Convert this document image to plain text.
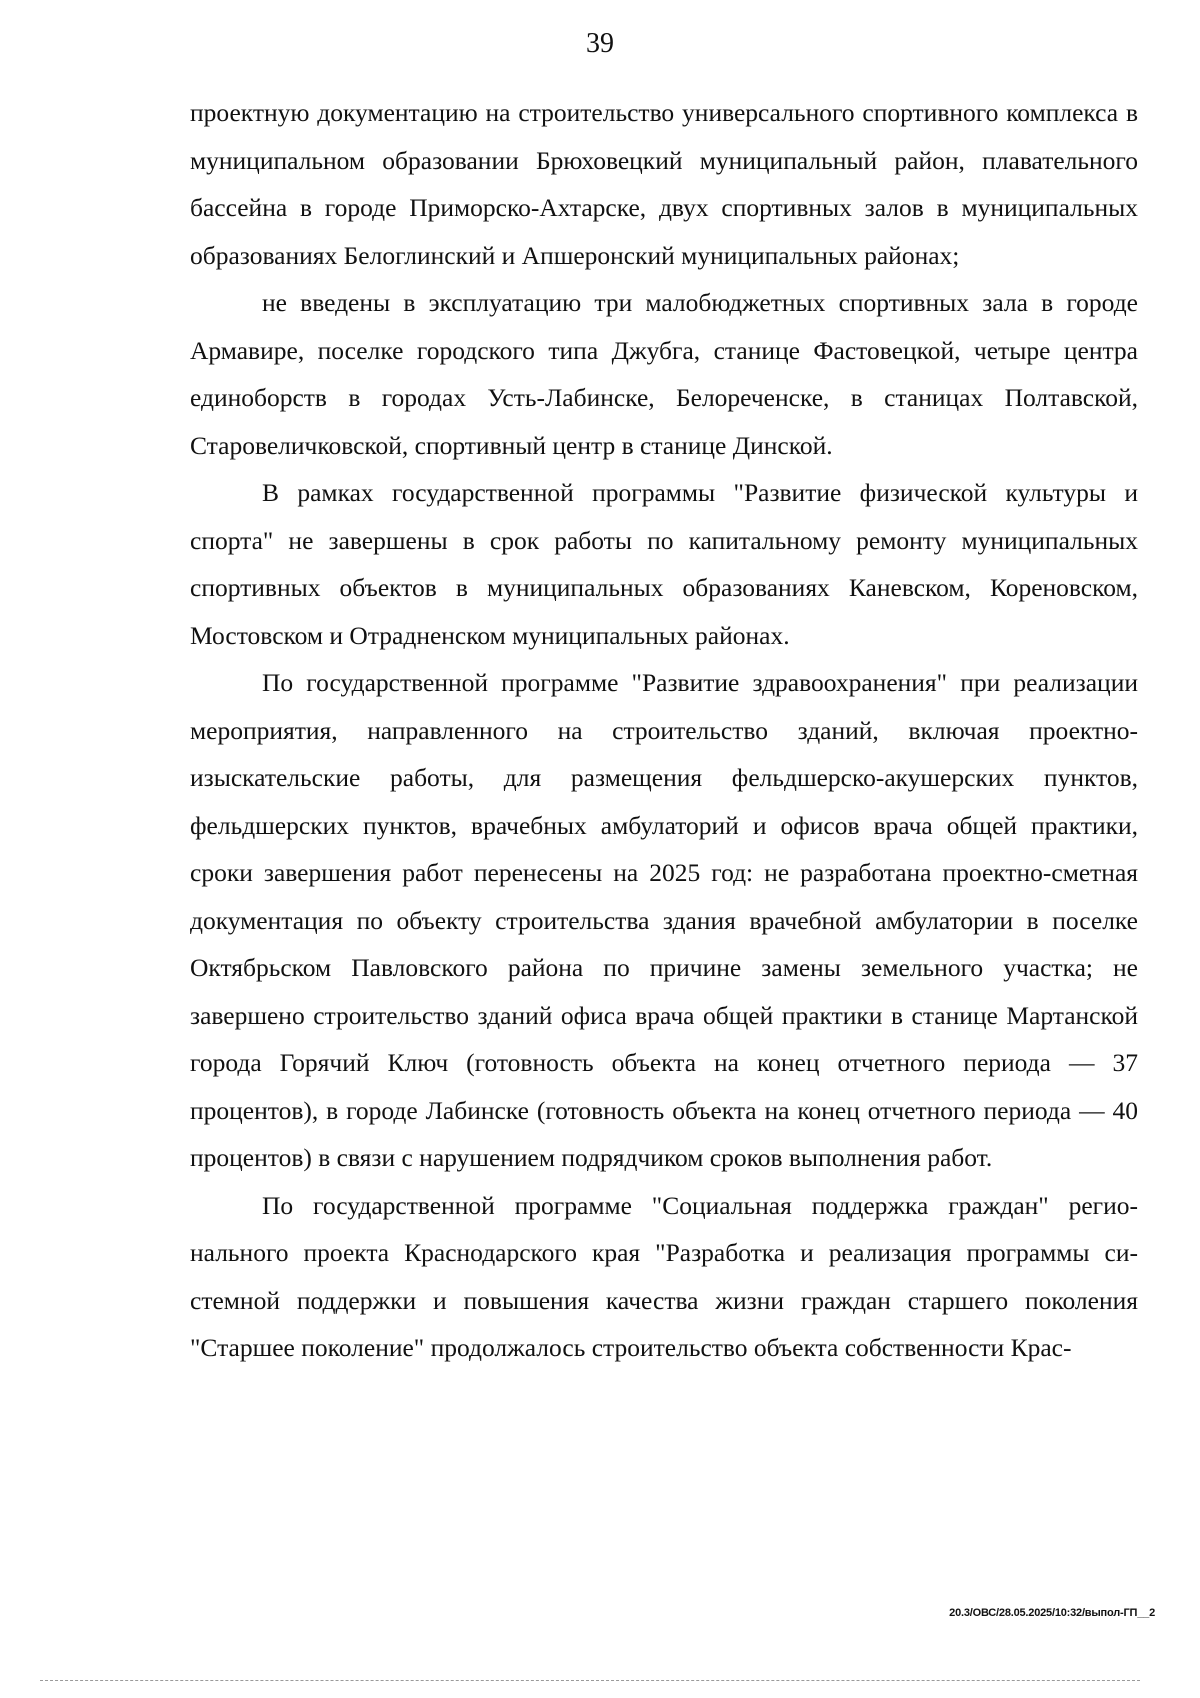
39

проектную документацию на строительство универсального спортивного комплекса в муниципальном образовании Брюховецкий муниципальный район, плавательного бассейна в городе Приморско-Ахтарске, двух спортивных залов в муниципальных образованиях Белоглинский и Апшеронский муниципальных районах;

не введены в эксплуатацию три малобюджетных спортивных зала в городе Армавире, поселке городского типа Джубга, станице Фастовецкой, четыре центра единоборств в городах Усть-Лабинске, Белореченске, в станицах Полтавской, Старовеличковской, спортивный центр в станице Динской.

В рамках государственной программы "Развитие физической культуры и спорта" не завершены в срок работы по капитальному ремонту муниципальных спортивных объектов в муниципальных образованиях Каневском, Кореновском, Мостовском и Отрадненском муниципальных районах.

По государственной программе "Развитие здравоохранения" при реализации мероприятия, направленного на строительство зданий, включая проектно-изыскательские работы, для размещения фельдшерско-акушерских пунктов, фельдшерских пунктов, врачебных амбулаторий и офисов врача общей практики, сроки завершения работ перенесены на 2025 год: не разработана проектно-сметная документация по объекту строительства здания врачебной амбулатории в поселке Октябрьском Павловского района по причине замены земельного участка; не завершено строительство зданий офиса врача общей практики в станице Мартанской города Горячий Ключ (готовность объекта на конец отчетного периода — 37 процентов), в городе Лабинске (готовность объекта на конец отчетного периода — 40 процентов) в связи с нарушением подрядчиком сроков выполнения работ.

По государственной программе "Социальная поддержка граждан" регионального проекта Краснодарского края "Разработка и реализация программы системной поддержки и повышения качества жизни граждан старшего поколения "Старшее поколение" продолжалось строительство объекта собственности Крас-

20.3/ОВС/28.05.2025/10:32/выпол-ГП__2
